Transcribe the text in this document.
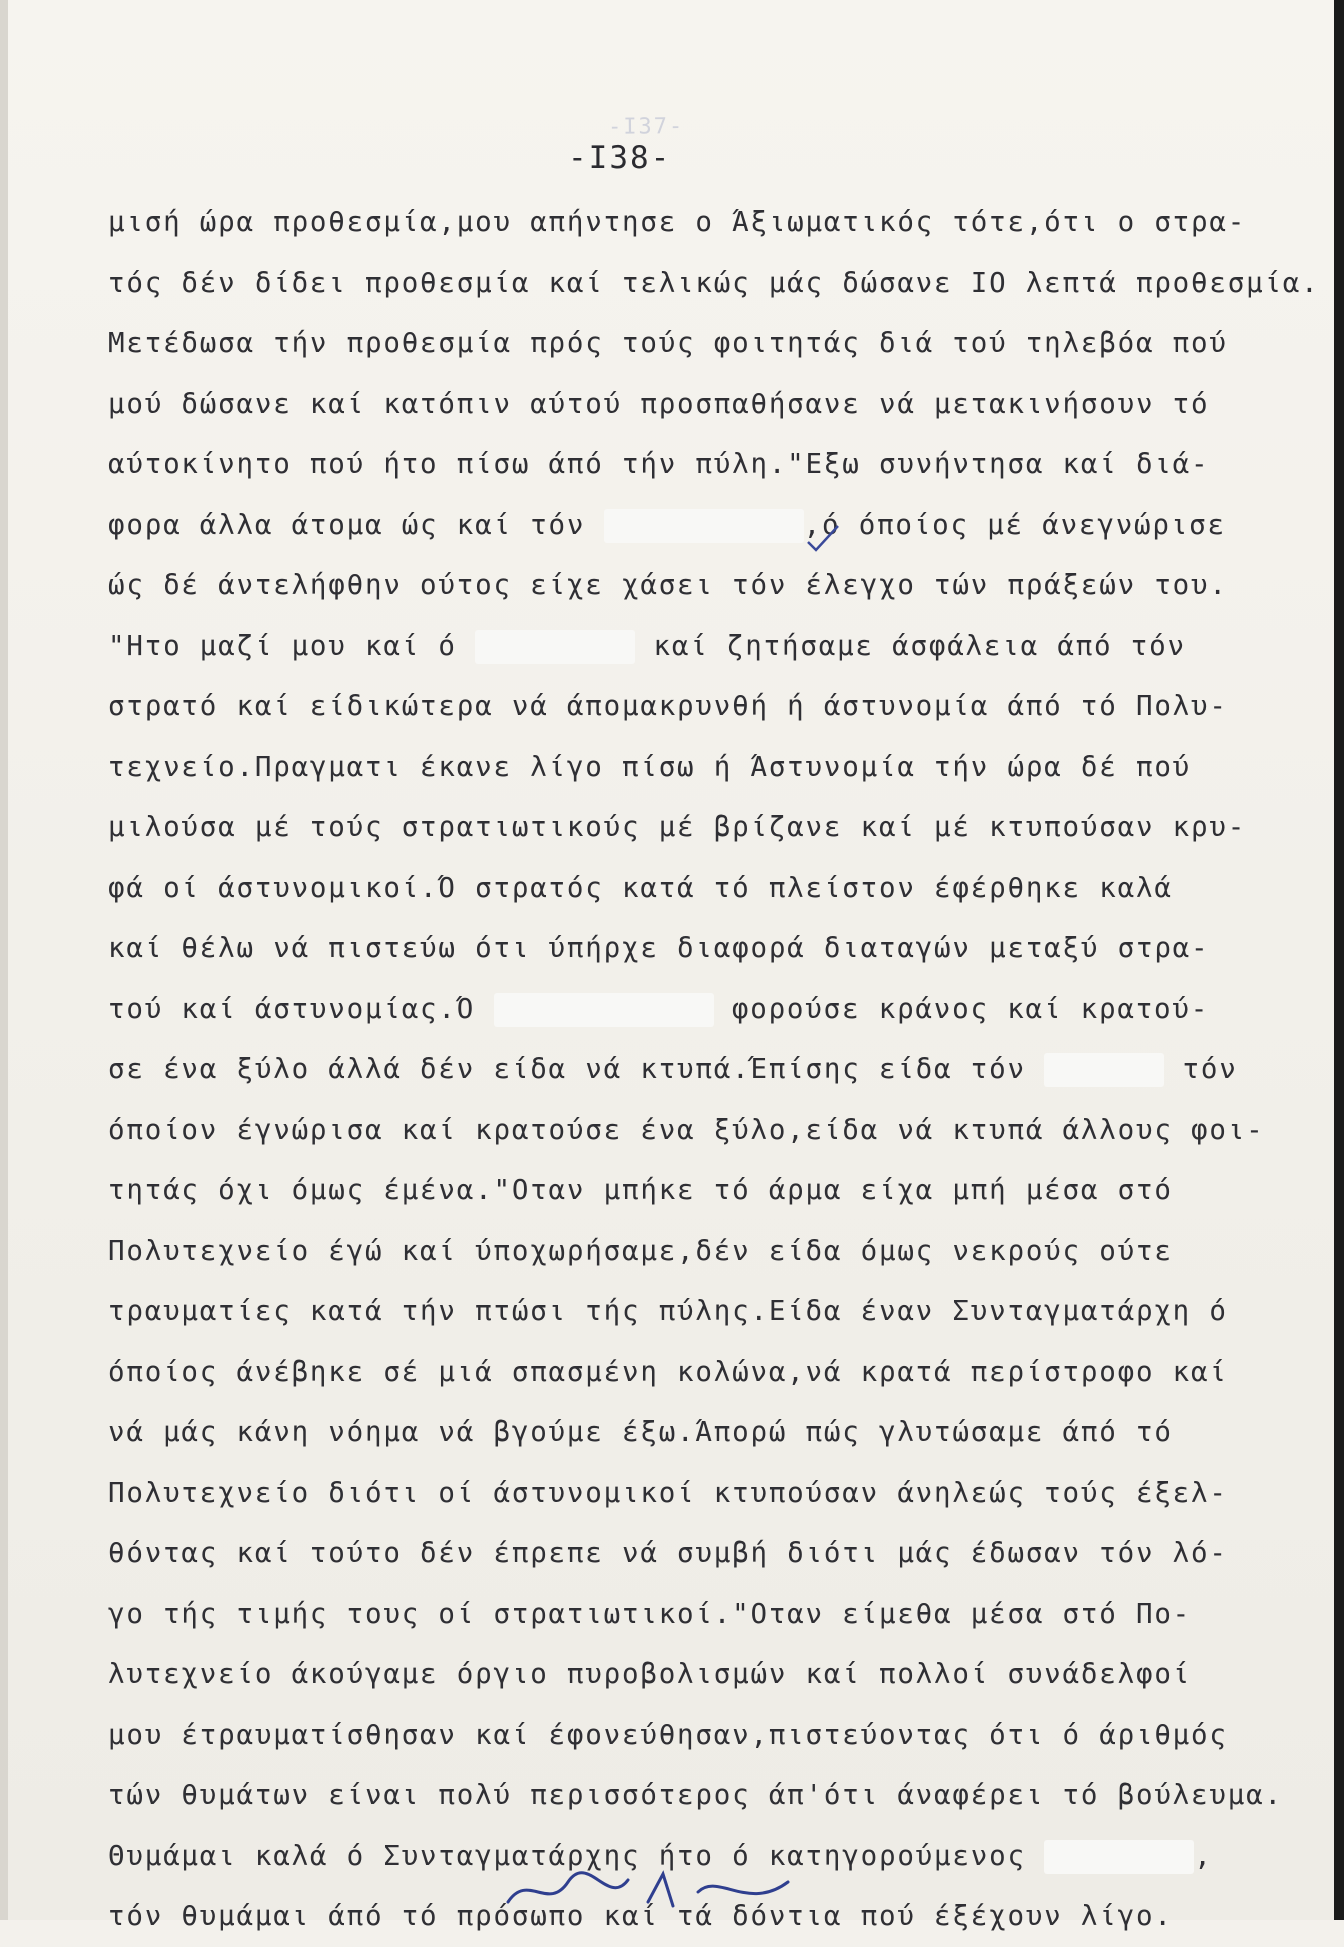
-I37-
-I38-
μισή ώρα προθεσμία,μου απήντησε ο Άξιωματικός τότε,ότι ο στρα-
τός δέν δίδει προθεσμία καί τελικώς μάς δώσανε ΙΟ λεπτά προθεσμία.
Μετέδωσα τήν προθεσμία πρός τούς φοιτητάς διά τού τηλεβόα πού
μού δώσανε καί κατόπιν αύτού προσπαθήσανε νά μετακινήσουν τό
αύτοκίνητο πού ήτο πίσω άπό τήν πύλη."Εξω συνήντησα καί διά-
φορα άλλα άτομα ώς καί τόν	,ό όποίος μέ άνεγνώρισε
ώς δέ άντελήφθην ούτος είχε χάσει τόν έλεγχο τών πράξεών του.
"Ητο μαζί μου καί ό	καί ζητήσαμε άσφάλεια άπό τόν
στρατό καί είδικώτερα νά άπομακρυνθή ή άστυνομία άπό τό Πολυ-
τεχνείο.Πραγματι έκανε λίγο πίσω ή Άστυνομία τήν ώρα δέ πού
μιλούσα μέ τούς στρατιωτικούς μέ βρίζανε καί μέ κτυπούσαν κρυ-
φά οί άστυνομικοί.Ό στρατός κατά τό πλείστον έφέρθηκε καλά
καί θέλω νά πιστεύω ότι ύπήρχε διαφορά διαταγών μεταξύ στρα-
τού καί άστυνομίας.Ό	φορούσε κράνος καί κρατού-
σε ένα ξύλο άλλά δέν είδα νά κτυπά.Έπίσης είδα τόν	τόν
όποίον έγνώρισα καί κρατούσε ένα ξύλο,είδα νά κτυπά άλλους φοι-
τητάς όχι όμως έμένα."Οταν μπήκε τό άρμα είχα μπή μέσα στό
Πολυτεχνείο έγώ καί ύποχωρήσαμε,δέν είδα όμως νεκρούς ούτε
τραυματίες κατά τήν πτώσι τής πύλης.Είδα έναν Συνταγματάρχη ό
όποίος άνέβηκε σέ μιά σπασμένη κολώνα,νά κρατά περίστροφο καί
νά μάς κάνη νόημα νά βγούμε έξω.Άπορώ πώς γλυτώσαμε άπό τό
Πολυτεχνείο διότι οί άστυνομικοί κτυπούσαν άνηλεώς τούς έξελ-
θόντας καί τούτο δέν έπρεπε νά συμβή διότι μάς έδωσαν τόν λό-
γο τής τιμής τους οί στρατιωτικοί."Οταν είμεθα μέσα στό Πο-
λυτεχνείο άκούγαμε όργιο πυροβολισμών καί πολλοί συνάδελφοί
μου έτραυματίσθησαν καί έφονεύθησαν,πιστεύοντας ότι ό άριθμός
τών θυμάτων είναι πολύ περισσότερος άπ'ότι άναφέρει τό βούλευμα.
Θυμάμαι καλά ό Συνταγματάρχης ήτο ό κατηγορούμενος	,
τόν θυμάμαι άπό τό πρόσωπο καί τά δόντια πού έξέχουν λίγο.
